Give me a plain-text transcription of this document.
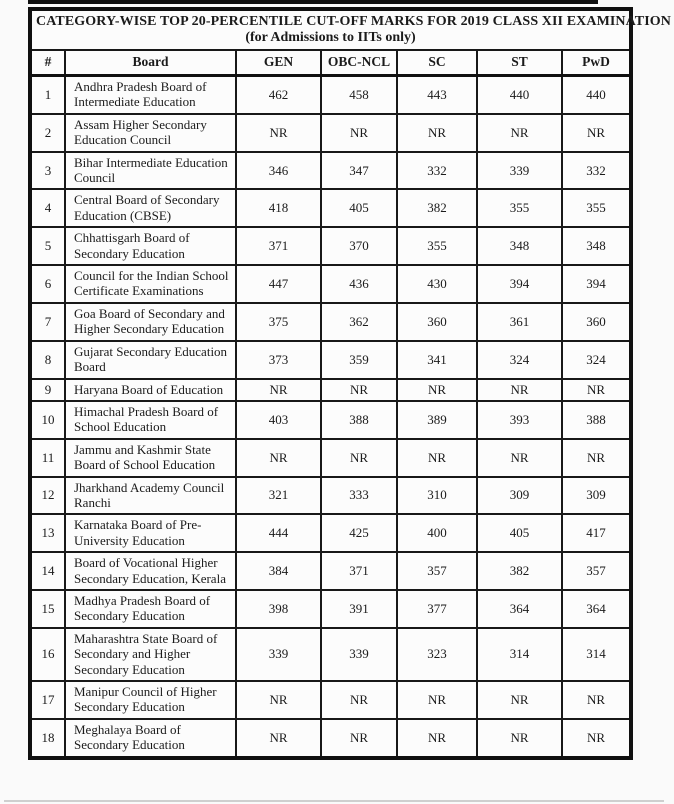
CATEGORY-WISE TOP 20-PERCENTILE CUT-OFF MARKS FOR 2019 CLASS XII EXAMINATION
(for Admissions to IITs only)						

#	Board	GEN	OBC-NCL	SC	ST	PwD
1	Andhra Pradesh Board of Intermediate Education	462	458	443	440	440
2	Assam Higher Secondary Education Council	NR	NR	NR	NR	NR
3	Bihar Intermediate Education Council	346	347	332	339	332
4	Central Board of Secondary Education (CBSE)	418	405	382	355	355
5	Chhattisgarh Board of Secondary Education	371	370	355	348	348
6	Council for the Indian School Certificate Examinations	447	436	430	394	394
7	Goa Board of Secondary and Higher Secondary Education	375	362	360	361	360
8	Gujarat Secondary Education Board	373	359	341	324	324
9	Haryana Board of Education	NR	NR	NR	NR	NR
10	Himachal Pradesh Board of School Education	403	388	389	393	388
11	Jammu and Kashmir State Board of School Education	NR	NR	NR	NR	NR
12	Jharkhand Academy Council Ranchi	321	333	310	309	309
13	Karnataka Board of Pre-University Education	444	425	400	405	417
14	Board of Vocational Higher Secondary Education, Kerala	384	371	357	382	357
15	Madhya Pradesh Board of Secondary Education	398	391	377	364	364
16	Maharashtra State Board of Secondary and Higher Secondary Education	339	339	323	314	314
17	Manipur Council of Higher Secondary Education	NR	NR	NR	NR	NR
18	Meghalaya Board of Secondary Education	NR	NR	NR	NR	NR
